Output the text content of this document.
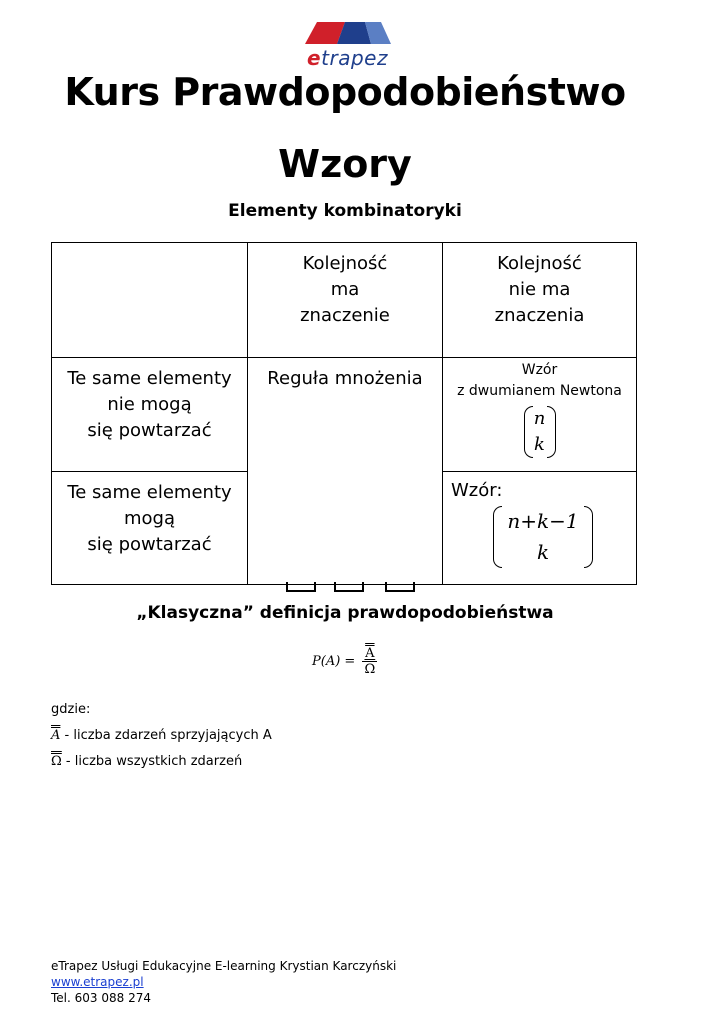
etrapez
Kurs Prawdopodobieństwo
Wzory
Elementy kombinatoryki
Kolejność
ma
znaczenie
Kolejność
nie ma
znaczenia
Te same elementy
nie mogą
się powtarzać
Reguła mnożenia	Wzór
z dwumianem Newtona
n
k
Te same elementy
mogą
się powtarzać
Wzór:
n+k−1
k
„Klasyczna” definicja prawdopodobieństwa
$P(A) = \frac{A}{\Omega}$
gdzie:
A - liczba zdarzeń sprzyjających A
Ω - liczba wszystkich zdarzeń
eTrapez Usługi Edukacyjne E-learning Krystian Karczyński
www.etrapez.pl
Tel. 603 088 274
